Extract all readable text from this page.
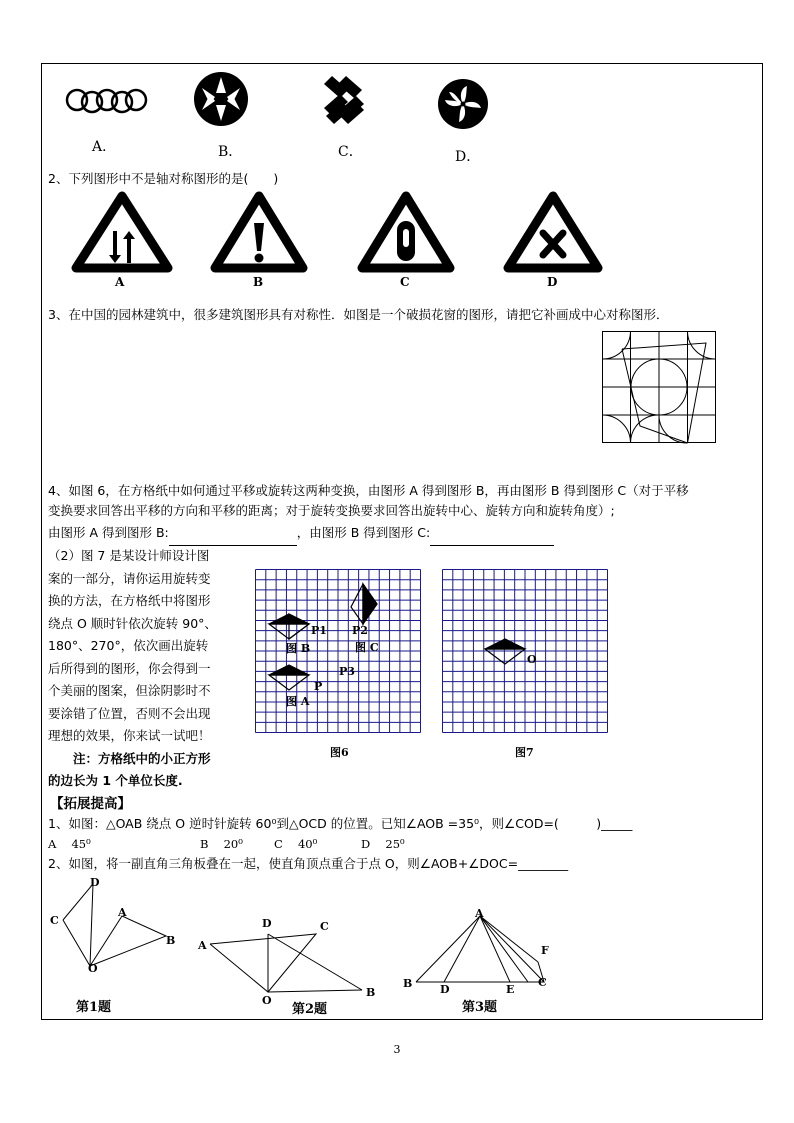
A．	B．	C．	D．
2、下列图形中不是轴对称图形的是(　　)
A	B	C	D
3、在中国的园林建筑中，很多建筑图形具有对称性．如图是一个破损花窗的图形，请把它补画成中心对称图形．
4、如图 6，在方格纸中如何通过平移或旋转这两种变换，由图形 A 得到图形 B，再由图形 B 得到图形 C（对于平移
变换要求回答出平移的方向和平移的距离；对于旋转变换要求回答出旋转中心、旋转方向和旋转角度）;
由图形 A 得到图形 B:	，由图形 B 得到图形 C:
（2）图 7 是某设计师设计图
案的一部分，请你运用旋转变
换的方法，在方格纸中将图形
绕点 O 顺时针依次旋转 90°、
180°、270°，依次画出旋转
后所得到的图形，你会得到一
个美丽的图案，但涂阴影时不
要涂错了位置，否则不会出现
理想的效果，你来试一试吧！
　　注：方格纸中的小正方形
的边长为 1 个单位长度.
P1 P2
P3
P
图 B	图 C
图 A
图6
O
图7
【拓展提高】
1、如图：△OAB 绕点 O 逆时针旋转 60⁰到△OCD 的位置。已知∠AOB =35⁰，则∠COD=(　　　)_____
A　 45⁰	B　 20⁰	C　 40⁰	D　 25⁰
2、如图，将一副直角三角板叠在一起，使直角顶点重合于点 O，则∠AOB+∠DOC=________
D
C
A
B
O
第1题
A
D	C
O
B
第2题
A
F
B	D	E
C
第3题
3
